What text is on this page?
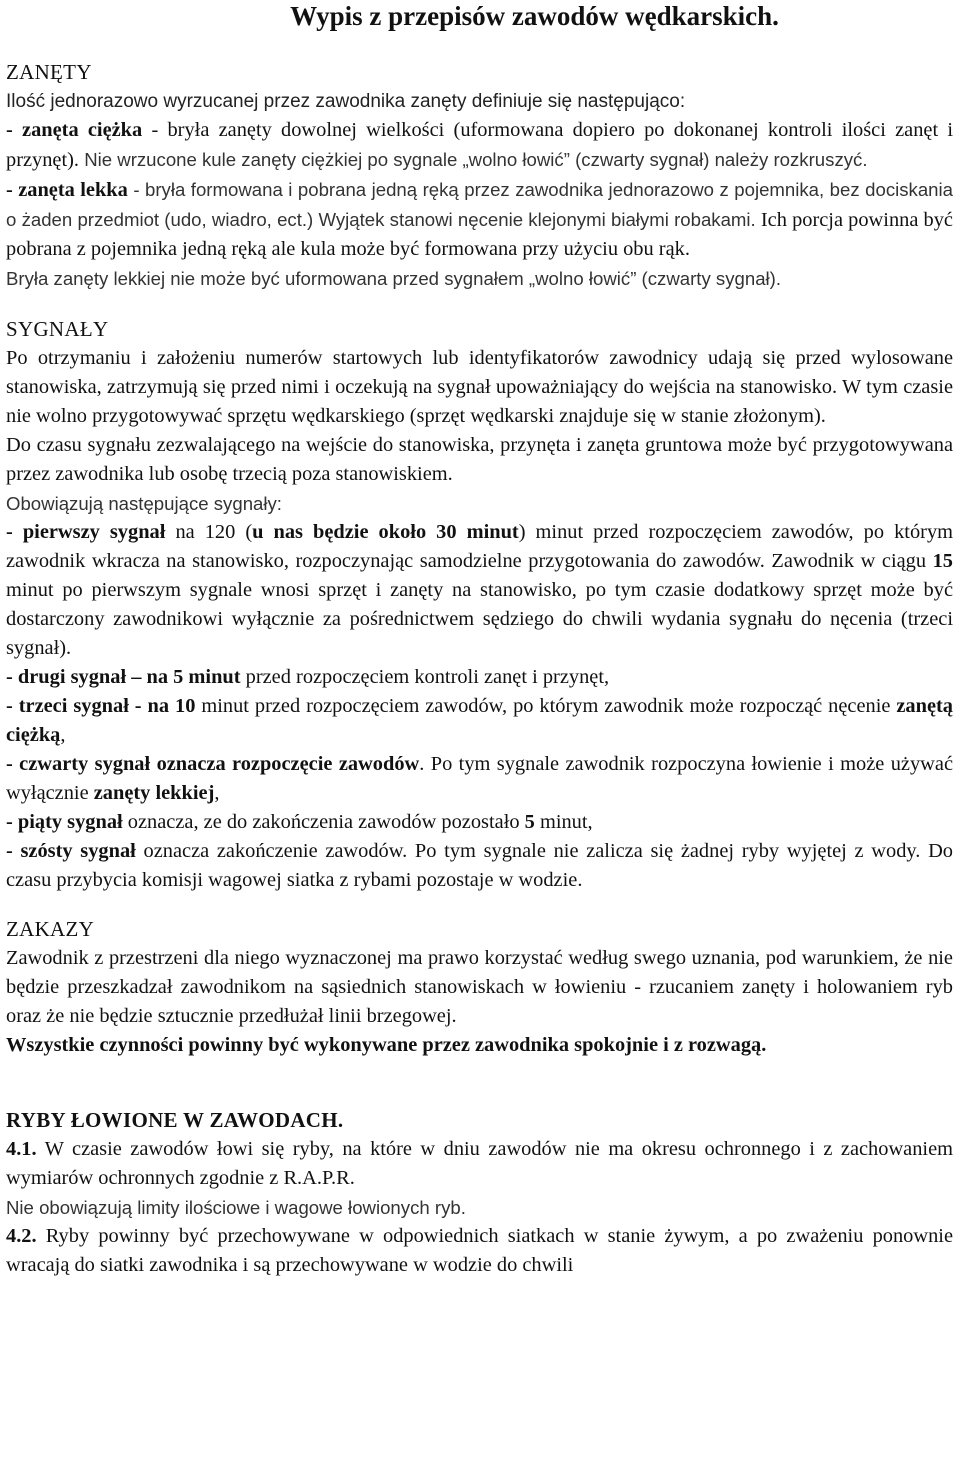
Wypis z przepisów zawodów wędkarskich.
ZANĘTY

Ilość jednorazowo wyrzucanej przez zawodnika zanęty definiuje się następująco:

- zanęta ciężka - bryła zanęty dowolnej wielkości (uformowana dopiero po dokonanej kontroli ilości zanęt i przynęt). Nie wrzucone kule zanęty ciężkiej po sygnale „wolno łowić” (czwarty sygnał) należy rozkruszyć.

- zanęta lekka - bryła formowana i pobrana jedną ręką przez zawodnika jednorazowo z pojemnika, bez dociskania o żaden przedmiot (udo, wiadro, ect.) Wyjątek stanowi nęcenie klejonymi białymi robakami. Ich porcja powinna być pobrana z pojemnika jedną ręką ale kula może być formowana przy użyciu obu rąk.

Bryła zanęty lekkiej nie może być uformowana przed sygnałem „wolno łowić” (czwarty sygnał).

SYGNAŁY

Po otrzymaniu i założeniu numerów startowych lub identyfikatorów zawodnicy udają się przed wylosowane stanowiska, zatrzymują się przed nimi i oczekują na sygnał upoważniający do wejścia na stanowisko. W tym czasie nie wolno przygotowywać sprzętu wędkarskiego (sprzęt wędkarski znajduje się w stanie złożonym).

Do czasu sygnału zezwalającego na wejście do stanowiska, przynęta i zanęta gruntowa może być przygotowywana przez zawodnika lub osobę trzecią poza stanowiskiem.

Obowiązują następujące sygnały:

- pierwszy sygnał na 120 (u nas będzie około 30 minut) minut przed rozpoczęciem zawodów, po którym zawodnik wkracza na stanowisko, rozpoczynając samodzielne przygotowania do zawodów. Zawodnik w ciągu 15 minut po pierwszym sygnale wnosi sprzęt i zanęty na stanowisko, po tym czasie dodatkowy sprzęt może być dostarczony zawodnikowi wyłącznie za pośrednictwem sędziego do chwili wydania sygnału do nęcenia (trzeci sygnał).

- drugi sygnał – na 5 minut przed rozpoczęciem kontroli zanęt i przynęt,

- trzeci sygnał - na 10 minut przed rozpoczęciem zawodów, po którym zawodnik może rozpocząć nęcenie zanętą ciężką,

- czwarty sygnał oznacza rozpoczęcie zawodów. Po tym sygnale zawodnik rozpoczyna łowienie i może używać wyłącznie zanęty lekkiej,

- piąty sygnał oznacza, ze do zakończenia zawodów pozostało 5 minut,

- szósty sygnał oznacza zakończenie zawodów. Po tym sygnale nie zalicza się żadnej ryby wyjętej z wody. Do czasu przybycia komisji wagowej siatka z rybami pozostaje w wodzie.

ZAKAZY

Zawodnik z przestrzeni dla niego wyznaczonej ma prawo korzystać według swego uznania, pod warunkiem, że nie będzie przeszkadzał zawodnikom na sąsiednich stanowiskach w łowieniu - rzucaniem zanęty i holowaniem ryb oraz że nie będzie sztucznie przedłużał linii brzegowej.

Wszystkie czynności powinny być wykonywane przez zawodnika spokojnie i z rozwagą.

RYBY ŁOWIONE W ZAWODACH.

4.1. W czasie zawodów łowi się ryby, na które w dniu zawodów nie ma okresu ochronnego i z zachowaniem wymiarów ochronnych zgodnie z R.A.P.R.

Nie obowiązują limity ilościowe i wagowe łowionych ryb.

4.2. Ryby powinny być przechowywane w odpowiednich siatkach w stanie żywym, a po zważeniu ponownie wracają do siatki zawodnika i są przechowywane w wodzie do chwili
